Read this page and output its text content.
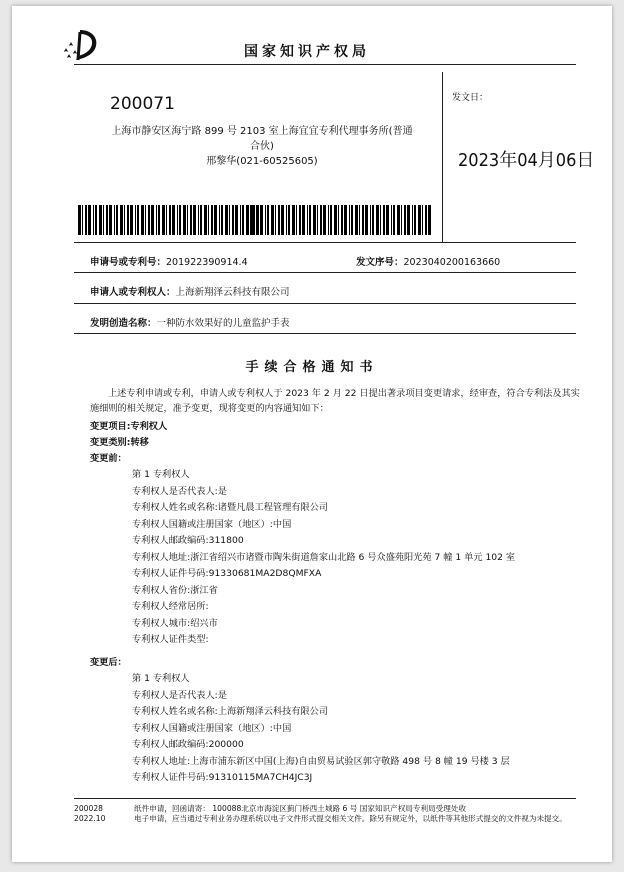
国家知识产权局
200071
上海市静安区海宁路 899 号 2103 室上海宜宜专利代理事务所(普通
合伙)
邢黎华(021-60525605)
发文日：
2023年04月06日
申请号或专利号：201922390914.4	发文序号：2023040200163660
申请人或专利权人：上海新翔泽云科技有限公司
发明创造名称：一种防水效果好的儿童监护手表
手续合格通知书
上述专利申请或专利，申请人或专利权人于 2023 年 2 月 22 日提出著录项目变更请求，经审查，符合专利法及其实施细则的相关规定，准予变更，现将变更的内容通知如下：
变更项目:专利权人
变更类别:转移
变更前：
第 1 专利权人
专利权人是否代表人:是
专利权人姓名或名称:诸暨凡晨工程管理有限公司
专利权人国籍或注册国家（地区）:中国
专利权人邮政编码:311800
专利权人地址:浙江省绍兴市诸暨市陶朱街道詹家山北路 6 号众盛苑阳光苑 7 幢 1 单元 102 室
专利权人证件号码:91330681MA2D8QMFXA
专利权人省份:浙江省
专利权人经常居所:
专利权人城市:绍兴市
专利权人证件类型:
变更后：
第 1 专利权人
专利权人是否代表人:是
专利权人姓名或名称:上海新翔泽云科技有限公司
专利权人国籍或注册国家（地区）:中国
专利权人邮政编码:200000
专利权人地址:上海市浦东新区中国(上海)自由贸易试验区郭守敬路 498 号 8 幢 19 号楼 3 层
专利权人证件号码:91310115MA7CH4JC3J
200028
2022.10
纸件申请，回函请寄： 100088北京市海淀区蓟门桥西土城路 6 号 国家知识产权局专利局受理处收
电子申请，应当通过专利业务办理系统以电子文件形式提交相关文件。除另有规定外，以纸件等其他形式提交的文件视为未提交。
